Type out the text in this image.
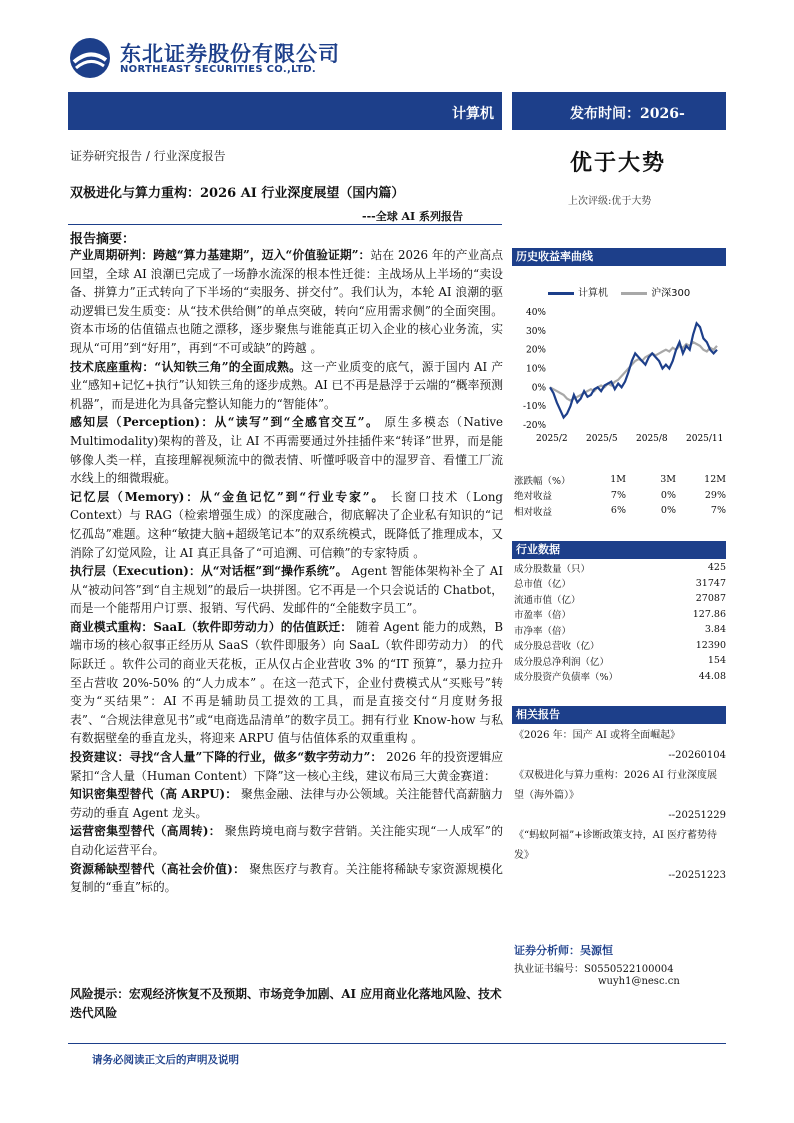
东北证券股份有限公司
NORTHEAST SECURITIES CO.,LTD.
计算机	发布时间：2026-
证券研究报告 / 行业深度报告	优于大势
上次评级:优于大势
双极进化与算力重构：2026 AI 行业深度展望（国内篇）
---全球 AI 系列报告
报告摘要：

产业周期研判：跨越“算力基建期”，迈入“价值验证期”：站在 2026 年的产业高点回望，全球 AI 浪潮已完成了一场静水流深的根本性迁徙：主战场从上半场的“卖设备、拼算力”正式转向了下半场的“卖服务、拼交付”。我们认为，本轮 AI 浪潮的驱动逻辑已发生质变：从“技术供给侧”的单点突破，转向“应用需求侧”的全面突围。 资本市场的估值锚点也随之漂移，逐步聚焦与谁能真正切入企业的核心业务流，实现从“可用”到“好用”，再到“不可或缺”的跨越 。

技术底座重构：“认知铁三角”的全面成熟。这一产业质变的底气，源于国内 AI 产业“感知+记忆+执行”认知铁三角的逐步成熟。AI 已不再是悬浮于云端的“概率预测机器”，而是进化为具备完整认知能力的“智能体”。

感知层（Perception)：从“读写”到“全感官交互”。 原生多模态（Native Multimodality)架构的普及，让 AI 不再需要通过外挂插件来“转译”世界，而是能够像人类一样，直接理解视频流中的微表情、听懂呼吸音中的湿罗音、看懂工厂流水线上的细微瑕疵。

记忆层（Memory)：从“金鱼记忆”到“行业专家”。 长窗口技术（Long Context）与 RAG（检索增强生成）的深度融合，彻底解决了企业私有知识的“记忆孤岛”难题。这种“敏捷大脑+超级笔记本”的双系统模式，既降低了推理成本，又消除了幻觉风险，让 AI 真正具备了“可追溯、可信赖”的专家特质 。

执行层（Execution)：从“对话框”到“操作系统”。 Agent 智能体架构补全了 AI 从“被动问答”到“自主规划”的最后一块拼图。它不再是一个只会说话的 Chatbot，而是一个能帮用户订票、报销、写代码、发邮件的“全能数字员工”。

商业模式重构：SaaL（软件即劳动力）的估值跃迁： 随着 Agent 能力的成熟，B 端市场的核心叙事正经历从 SaaS（软件即服务）向 SaaL（软件即劳动力） 的代际跃迁 。软件公司的商业天花板，正从仅占企业营收 3% 的“IT 预算”，暴力拉升至占营收 20%-50% 的“人力成本” 。在这一范式下，企业付费模式从“买账号”转变为“买结果”：AI 不再是辅助员工提效的工具，而是直接交付“月度财务报表”、“合规法律意见书”或“电商选品清单”的数字员工。拥有行业 Know-how 与私有数据壁垒的垂直龙头，将迎来 ARPU 值与估值体系的双重重构 。

投资建议：寻找“含人量”下降的行业，做多“数字劳动力”： 2026 年的投资逻辑应紧扣“含人量（Human Content）下降”这一核心主线，建议布局三大黄金赛道：

知识密集型替代（高 ARPU)： 聚焦金融、法律与办公领域。关注能替代高薪脑力劳动的垂直 Agent 龙头。

运营密集型替代（高周转)： 聚焦跨境电商与数字营销。关注能实现“一人成军”的自动化运营平台。

资源稀缺型替代（高社会价值)： 聚焦医疗与教育。关注能将稀缺专家资源规模化复制的“垂直”标的。

风险提示：宏观经济恢复不及预期、市场竞争加剧、AI 应用商业化落地风险、技术迭代风险
历史收益率曲线
计算机	沪深300
40%
30%
20%
10%
0%
-10%
-20%
2025/2 2025/5 2025/8 2025/11
涨跌幅（%）	1M	3M	12M
绝对收益	7%	0%	29%
相对收益	6%	0%	7%
行业数据
成分股数量（只）	425
总市值（亿）	31747
流通市值（亿）	27087
市盈率（倍）	127.86
市净率（倍）	3.84
成分股总营收（亿）	12390
成分股总净利润（亿）	154
成分股资产负债率（%）	44.08
相关报告
《2026 年：国产 AI 或将全面崛起》
--20260104
《双极进化与算力重构：2026 AI 行业深度展望（海外篇）》
--20251229
《“蚂蚁阿福”+诊断政策支持，AI 医疗蓄势待发》
--20251223
证券分析师：吴源恒
执业证书编号：S0550522100004
wuyh1@nesc.cn
请务必阅读正文后的声明及说明
